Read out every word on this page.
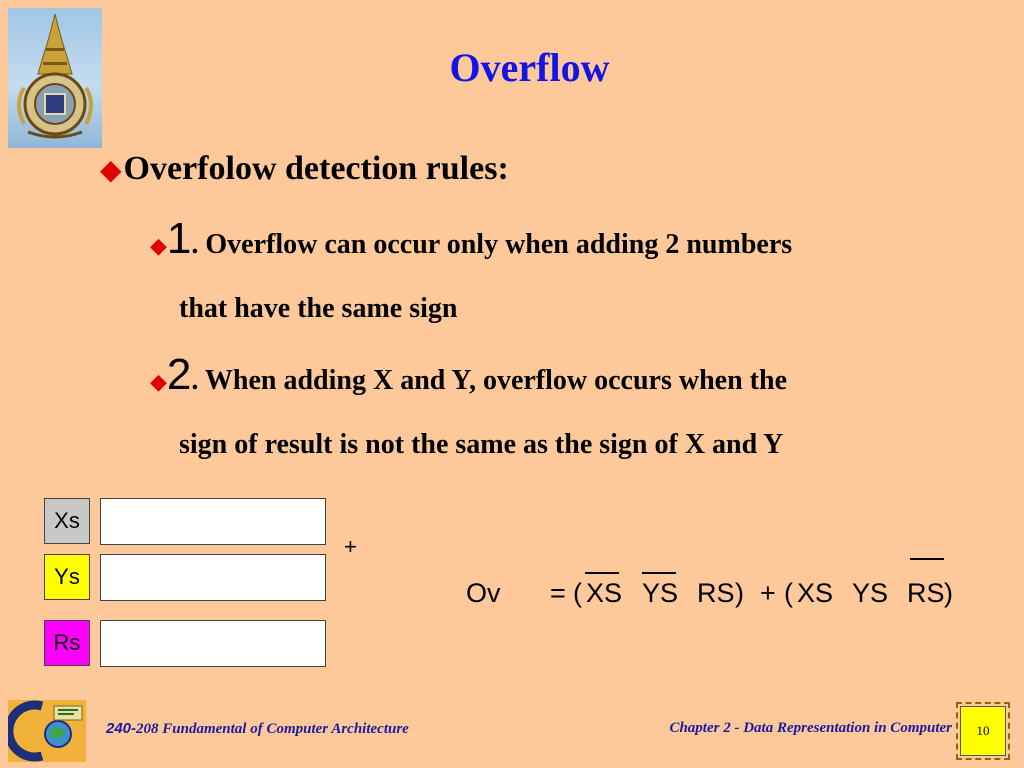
Overflow
◆Overfolow detection rules:
◆1. Overflow can occur only when adding 2 numbers
that have the same sign
◆2. When adding X and Y, overflow occurs when the
sign of result is not the same as the sign of X and Y
Xs
Ys
Rs
+
Ov = ( XS YS RS ) + ( XS YS RS )
240-208 Fundamental of Computer Architecture	Chapter 2 - Data Representation in Computer	10
